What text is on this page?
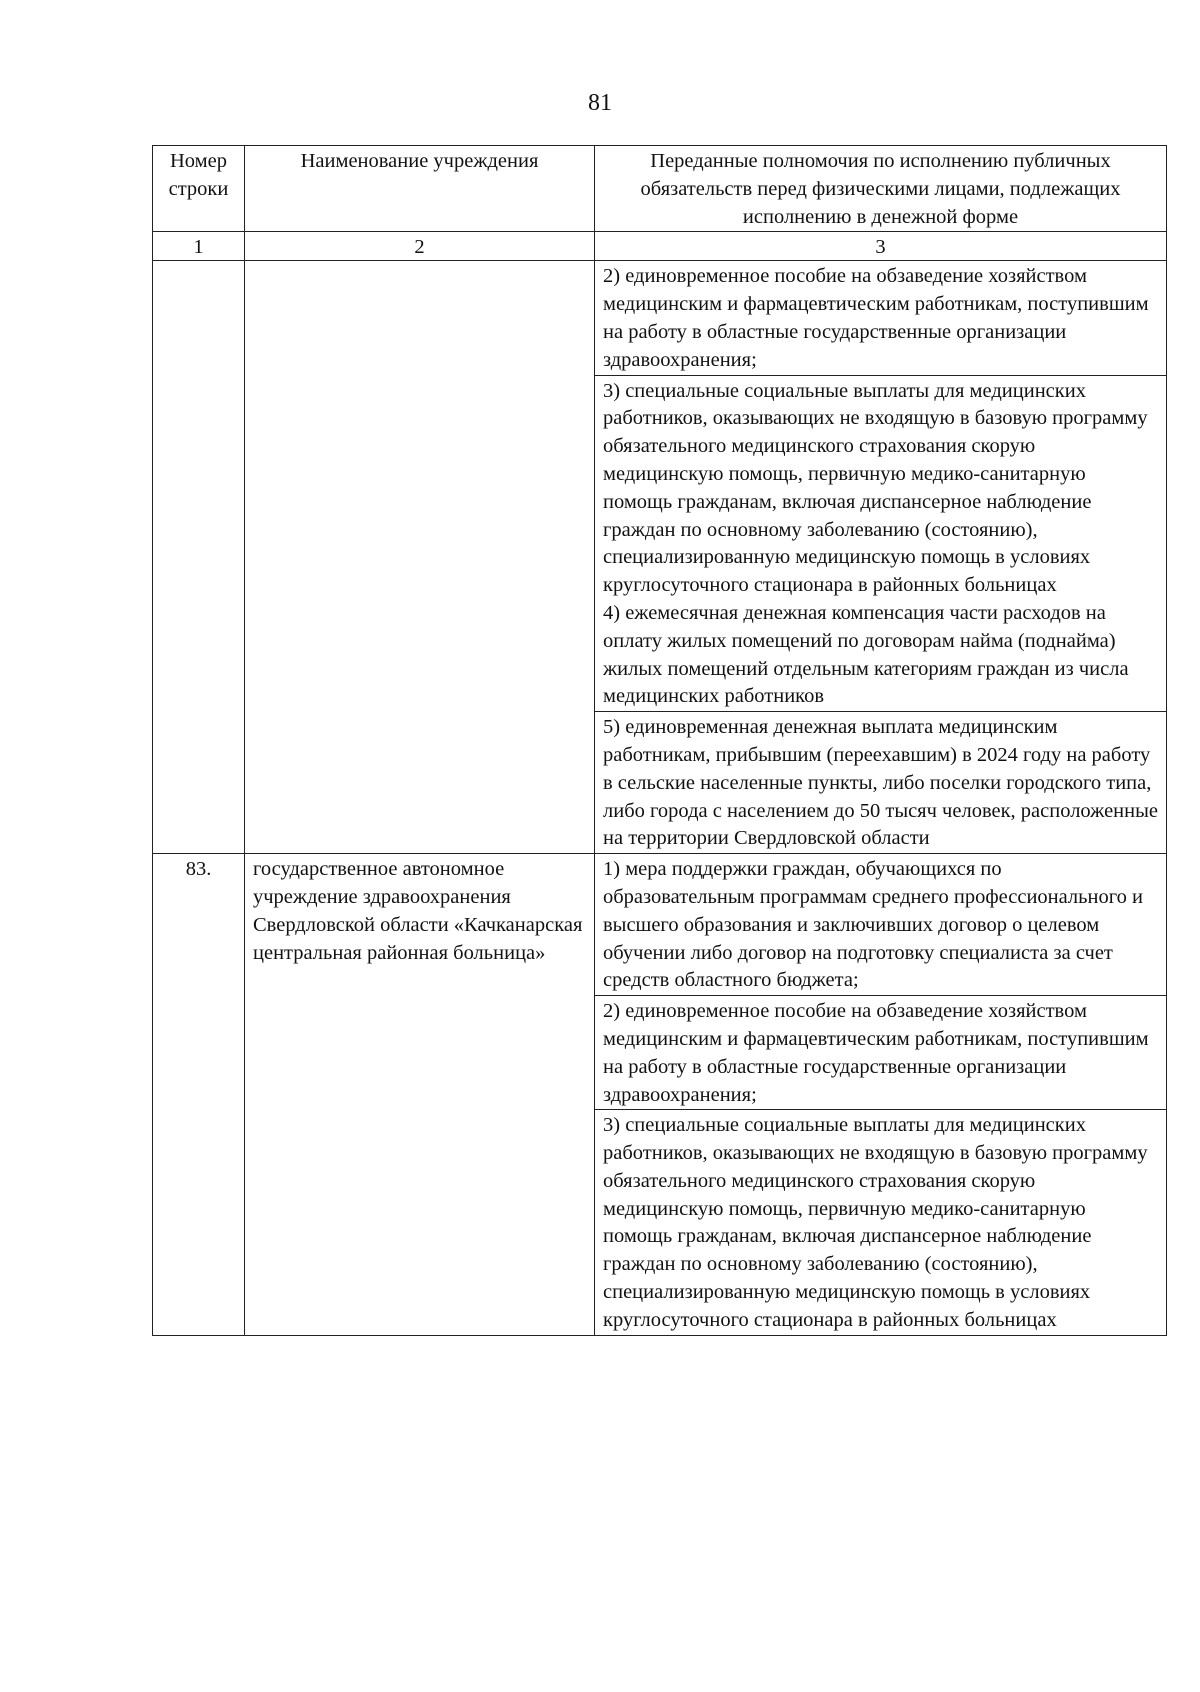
81
Номер строки	Наименование учреждения	Переданные полномочия по исполнению публичных обязательств перед физическими лицами, подлежащих исполнению в денежной форме
1	2	3
		2) единовременное пособие на обзаведение хозяйством медицинским и фармацевтическим работникам, поступившим на работу в областные государственные организации здравоохранения;

		3) специальные социальные выплаты для медицинских работников, оказывающих не входящую в базовую программу обязательного медицинского страхования скорую медицинскую помощь, первичную медико-санитарную помощь гражданам, включая диспансерное наблюдение граждан по основному заболеванию (состоянию), специализированную медицинскую помощь в условиях круглосуточного стационара в районных больницах
4) ежемесячная денежная компенсация части расходов на оплату жилых помещений по договорам найма (поднайма) жилых помещений отдельным категориям граждан из числа медицинских работников

		5) единовременная денежная выплата медицинским работникам, прибывшим (переехавшим) в 2024 году на работу в сельские населенные пункты, либо поселки городского типа, либо города с населением до 50 тысяч человек, расположенные на территории Свердловской области
83.	государственное автономное учреждение здравоохранения Свердловской области «Качканарская центральная районная больница»	1) мера поддержки граждан, обучающихся по образовательным программам среднего профессионального и высшего образования и заключивших договор о целевом обучении либо договор на подготовку специалиста за счет средств областного бюджета;
		2) единовременное пособие на обзаведение хозяйством медицинским и фармацевтическим работникам, поступившим на работу в областные государственные организации здравоохранения;
		3) специальные социальные выплаты для медицинских работников, оказывающих не входящую в базовую программу обязательного медицинского страхования скорую медицинскую помощь, первичную медико-санитарную помощь гражданам, включая диспансерное наблюдение граждан по основному заболеванию (состоянию), специализированную медицинскую помощь в условиях круглосуточного стационара в районных больницах
